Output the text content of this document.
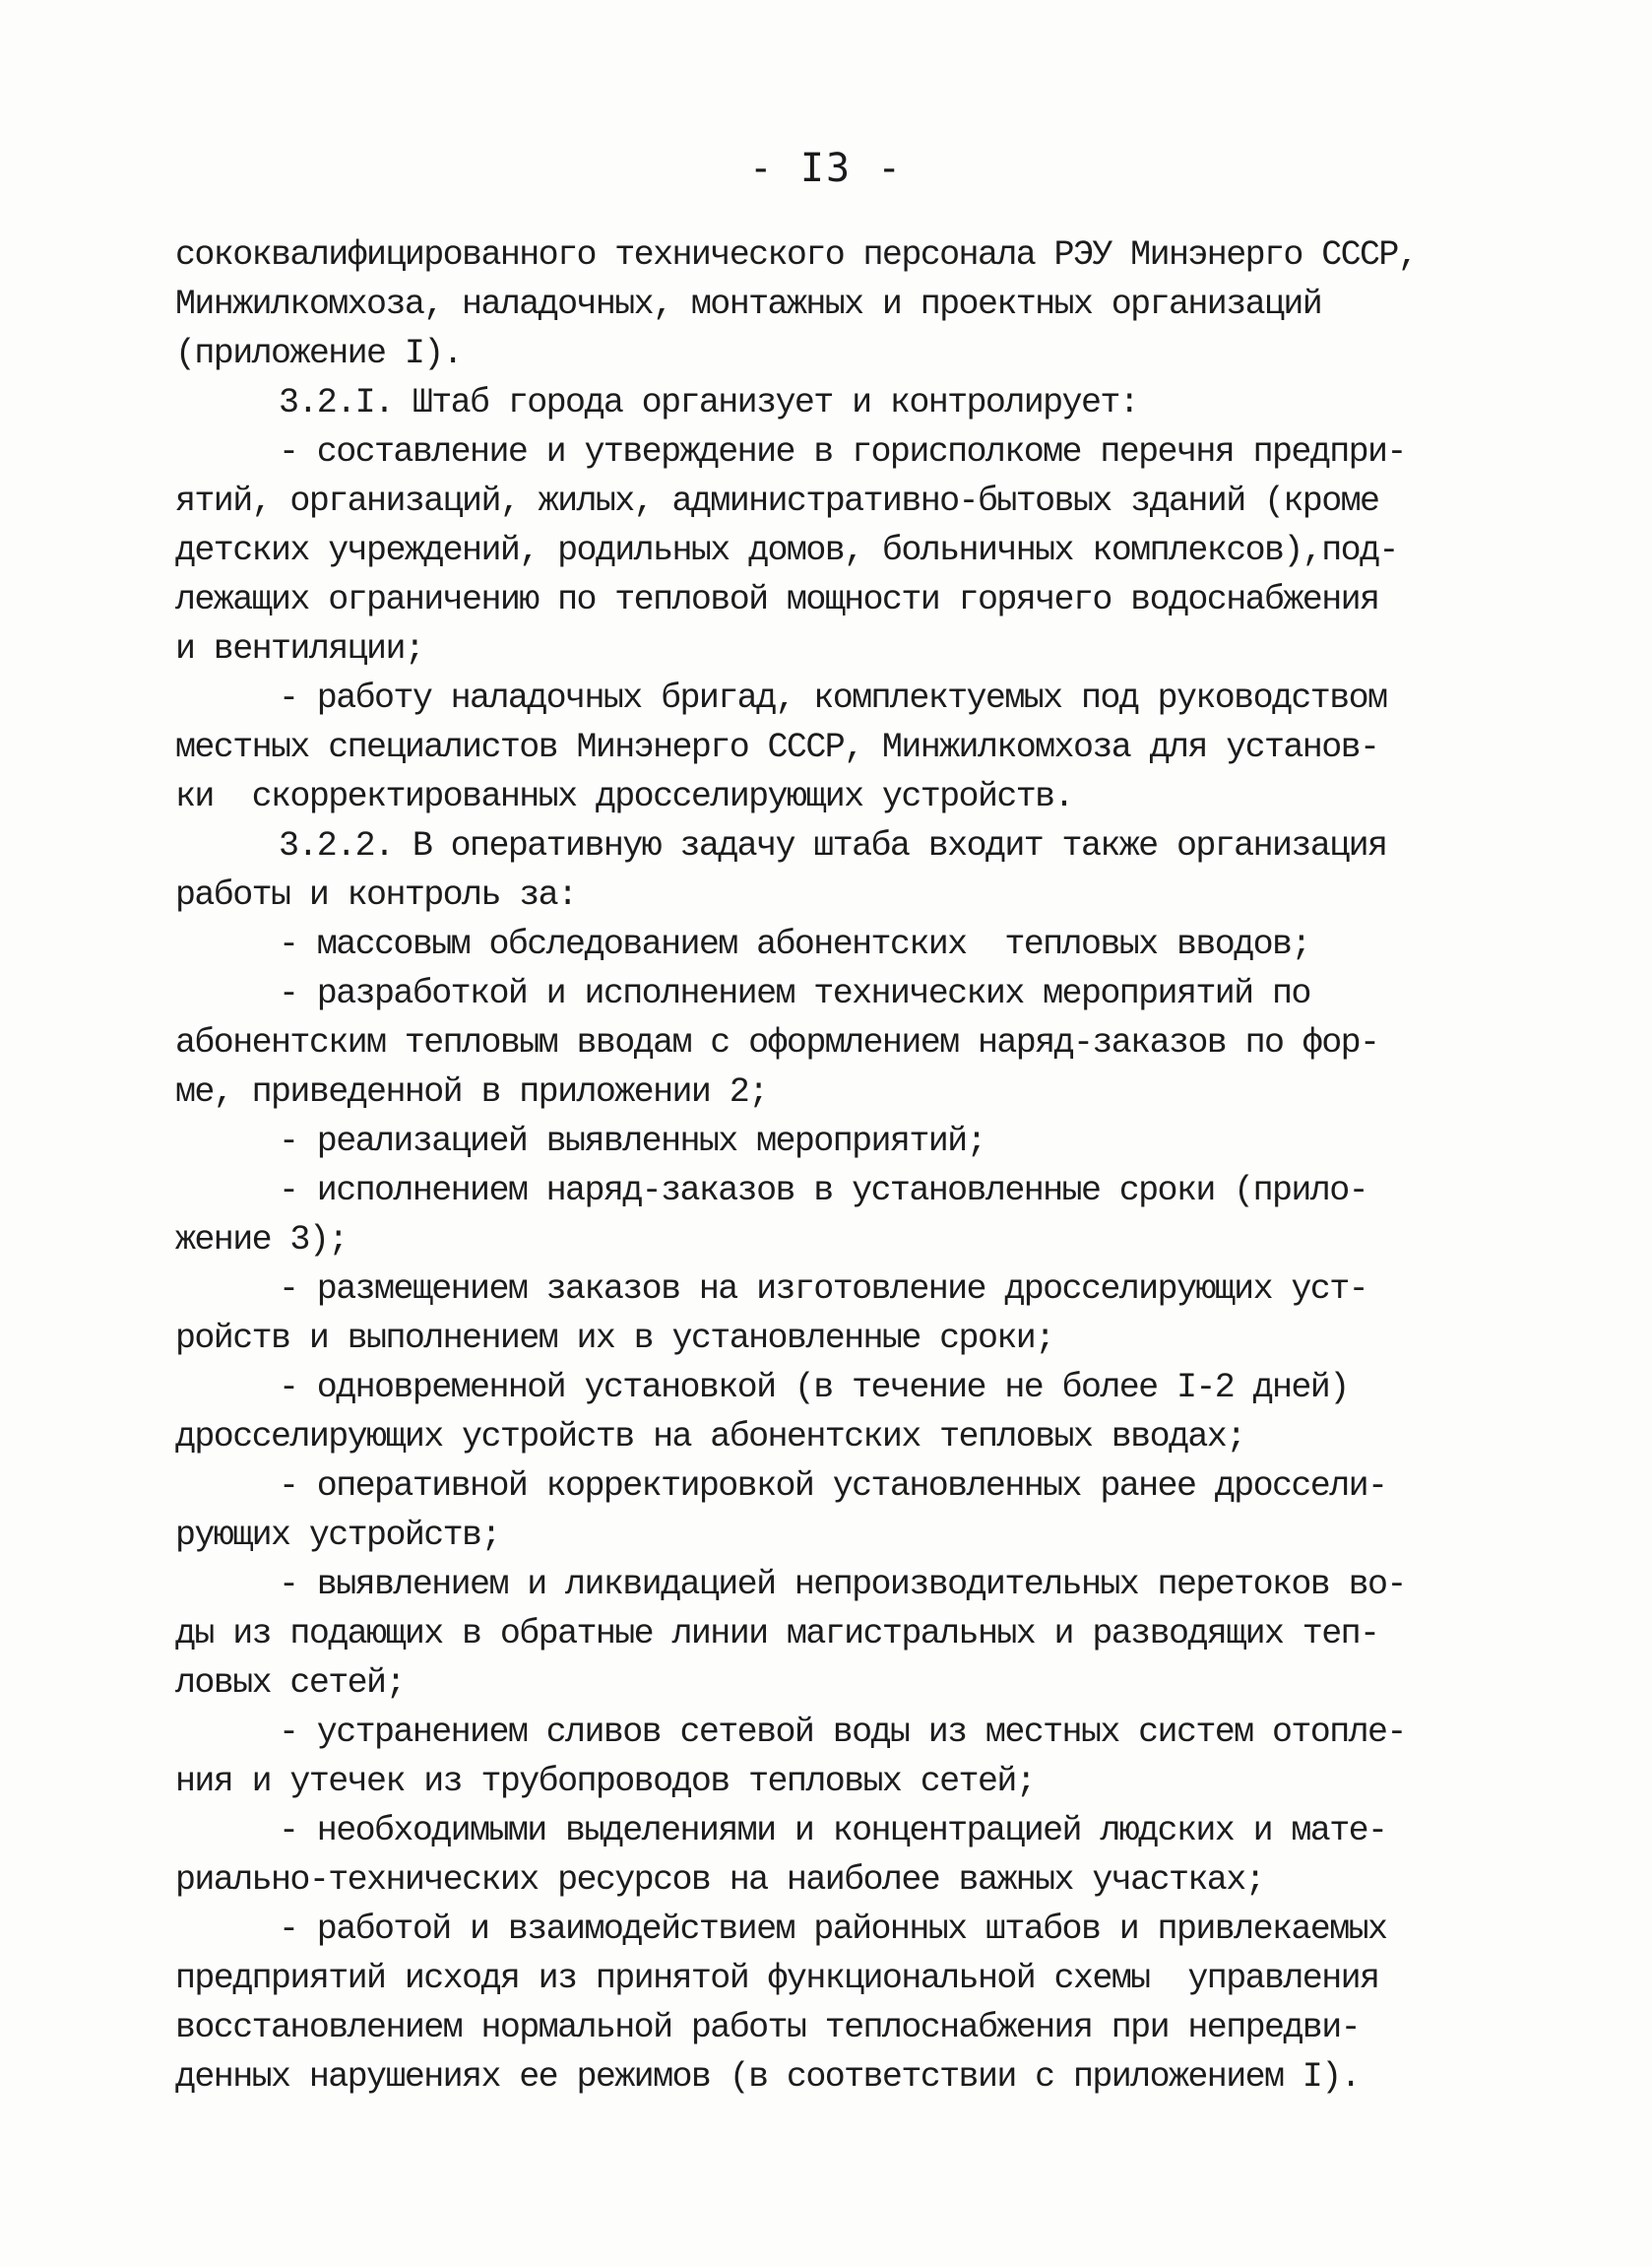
- I3 -
сококвалифицированного технического персонала РЭУ Минэнерго СССР,
Минжилкомхоза, наладочных, монтажных и проектных организаций
(приложение I).
3.2.I. Штаб города организует и контролирует:
- составление и утверждение в горисполкоме перечня предпри-
ятий, организаций, жилых, административно-бытовых зданий (кроме
детских учреждений, родильных домов, больничных комплексов),под-
лежащих ограничению по тепловой мощности горячего водоснабжения
и вентиляции;
- работу наладочных бригад, комплектуемых под руководством
местных специалистов Минэнерго СССР, Минжилкомхоза для установ-
ки  скорректированных дросселирующих устройств.
3.2.2. В оперативную задачу штаба входит также организация
работы и контроль за:
- массовым обследованием абонентских  тепловых вводов;
- разработкой и исполнением технических мероприятий по
абонентским тепловым вводам с оформлением наряд-заказов по фор-
ме, приведенной в приложении 2;
- реализацией выявленных мероприятий;
- исполнением наряд-заказов в установленные сроки (прило-
жение 3);
- размещением заказов на изготовление дросселирующих уст-
ройств и выполнением их в установленные сроки;
- одновременной установкой (в течение не более I-2 дней)
дросселирующих устройств на абонентских тепловых вводах;
- оперативной корректировкой установленных ранее дроссели-
рующих устройств;
- выявлением и ликвидацией непроизводительных перетоков во-
ды из подающих в обратные линии магистральных и разводящих теп-
ловых сетей;
- устранением сливов сетевой воды из местных систем отопле-
ния и утечек из трубопроводов тепловых сетей;
- необходимыми выделениями и концентрацией людских и мате-
риально-технических ресурсов на наиболее важных участках;
- работой и взаимодействием районных штабов и привлекаемых
предприятий исходя из принятой функциональной схемы  управления
восстановлением нормальной работы теплоснабжения при непредви-
денных нарушениях ее режимов (в соответствии с приложением I).
